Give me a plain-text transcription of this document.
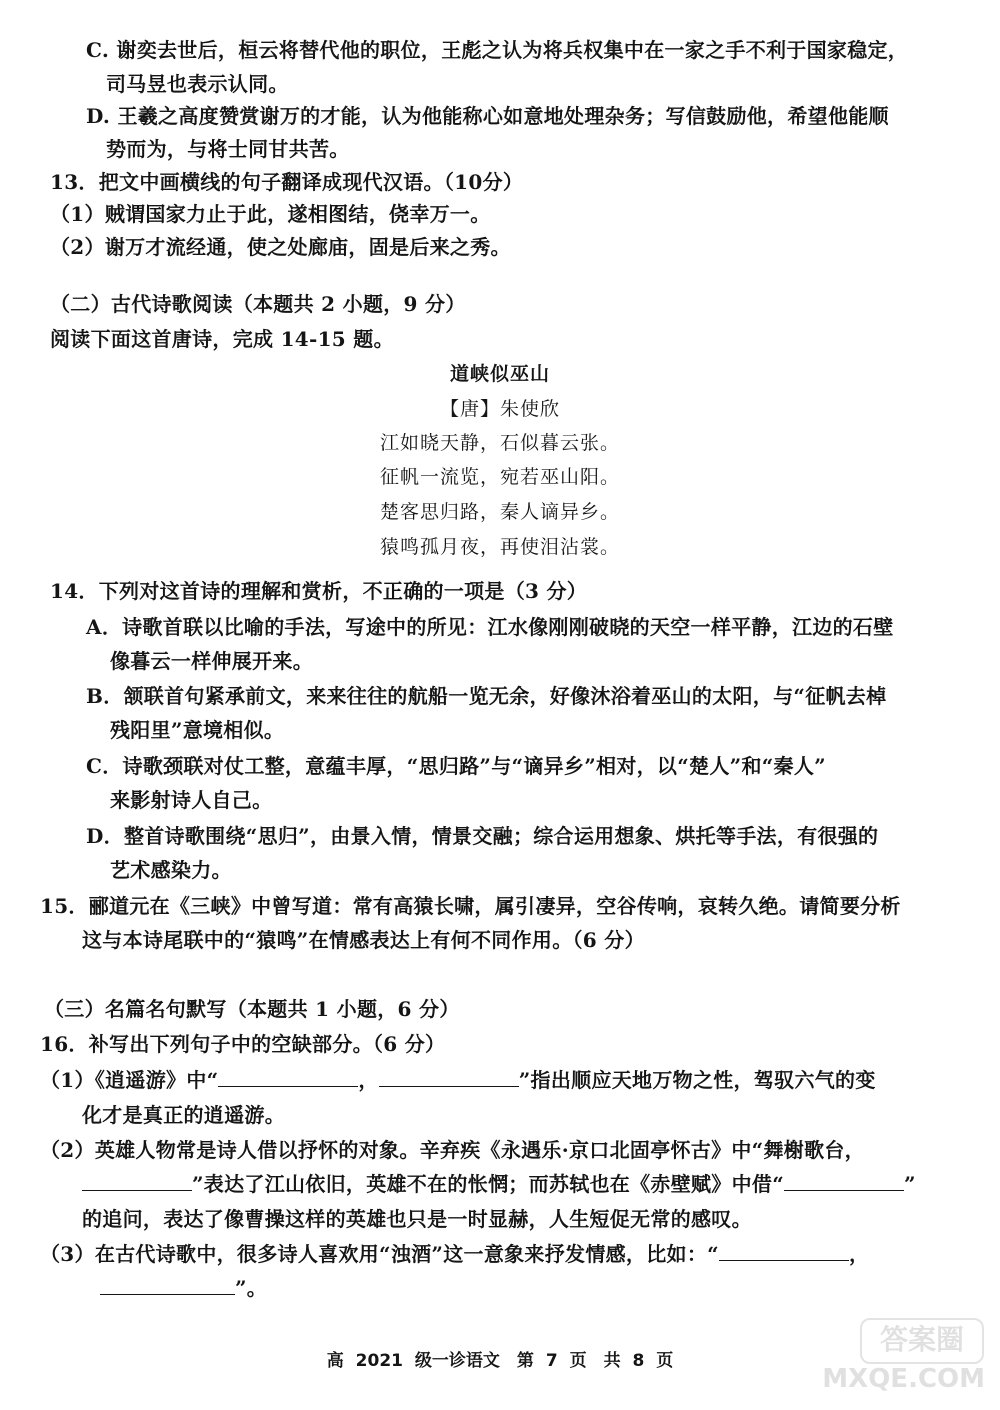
C. 谢奕去世后，桓云将替代他的职位，王彪之认为将兵权集中在一家之手不利于国家稳定，
司马昱也表示认同。
D. 王羲之高度赞赏谢万的才能，认为他能称心如意地处理杂务；写信鼓励他，希望他能顺
势而为，与将士同甘共苦。
13．把文中画横线的句子翻译成现代汉语。（10分）
（1）贼谓国家力止于此，遂相图结，侥幸万一。
（2）谢万才流经通，使之处廊庙，固是后来之秀。
（二）古代诗歌阅读（本题共 2 小题，9 分）
阅读下面这首唐诗，完成 14-15 题。
道峡似巫山
【唐】朱使欣
江如晓天静，石似暮云张。
征帆一流览，宛若巫山阳。
楚客思归路，秦人谪异乡。
猿鸣孤月夜，再使泪沾裳。
14．下列对这首诗的理解和赏析，不正确的一项是（3 分）
A．诗歌首联以比喻的手法，写途中的所见：江水像刚刚破晓的天空一样平静，江边的石壁
像暮云一样伸展开来。
B．颔联首句紧承前文，来来往往的航船一览无余，好像沐浴着巫山的太阳，与“征帆去棹
残阳里”意境相似。
C．诗歌颈联对仗工整，意蕴丰厚，“思归路”与“谪异乡”相对，以“楚人”和“秦人”
来影射诗人自己。
D．整首诗歌围绕“思归”，由景入情，情景交融；综合运用想象、烘托等手法，有很强的
艺术感染力。
15．郦道元在《三峡》中曾写道：常有高猿长啸，属引凄异，空谷传响，哀转久绝。请简要分析
这与本诗尾联中的“猿鸣”在情感表达上有何不同作用。（6 分）
（三）名篇名句默写（本题共 1 小题，6 分）
16．补写出下列句子中的空缺部分。（6 分）
（1）《逍遥游》中“	，	”指出顺应天地万物之性，驾驭六气的变
化才是真正的逍遥游。
（2）英雄人物常是诗人借以抒怀的对象。辛弃疾《永遇乐·京口北固亭怀古》中“舞榭歌台，
”表达了江山依旧，英雄不在的怅惘；而苏轼也在《赤壁赋》中借“	”
的追问，表达了像曹操这样的英雄也只是一时显赫，人生短促无常的感叹。
（3）在古代诗歌中，很多诗人喜欢用“浊酒”这一意象来抒发情感，比如：“	，
”。
高 2021 级一诊语文　第 7 页　共 8 页
答案圈
MXQE.COM
